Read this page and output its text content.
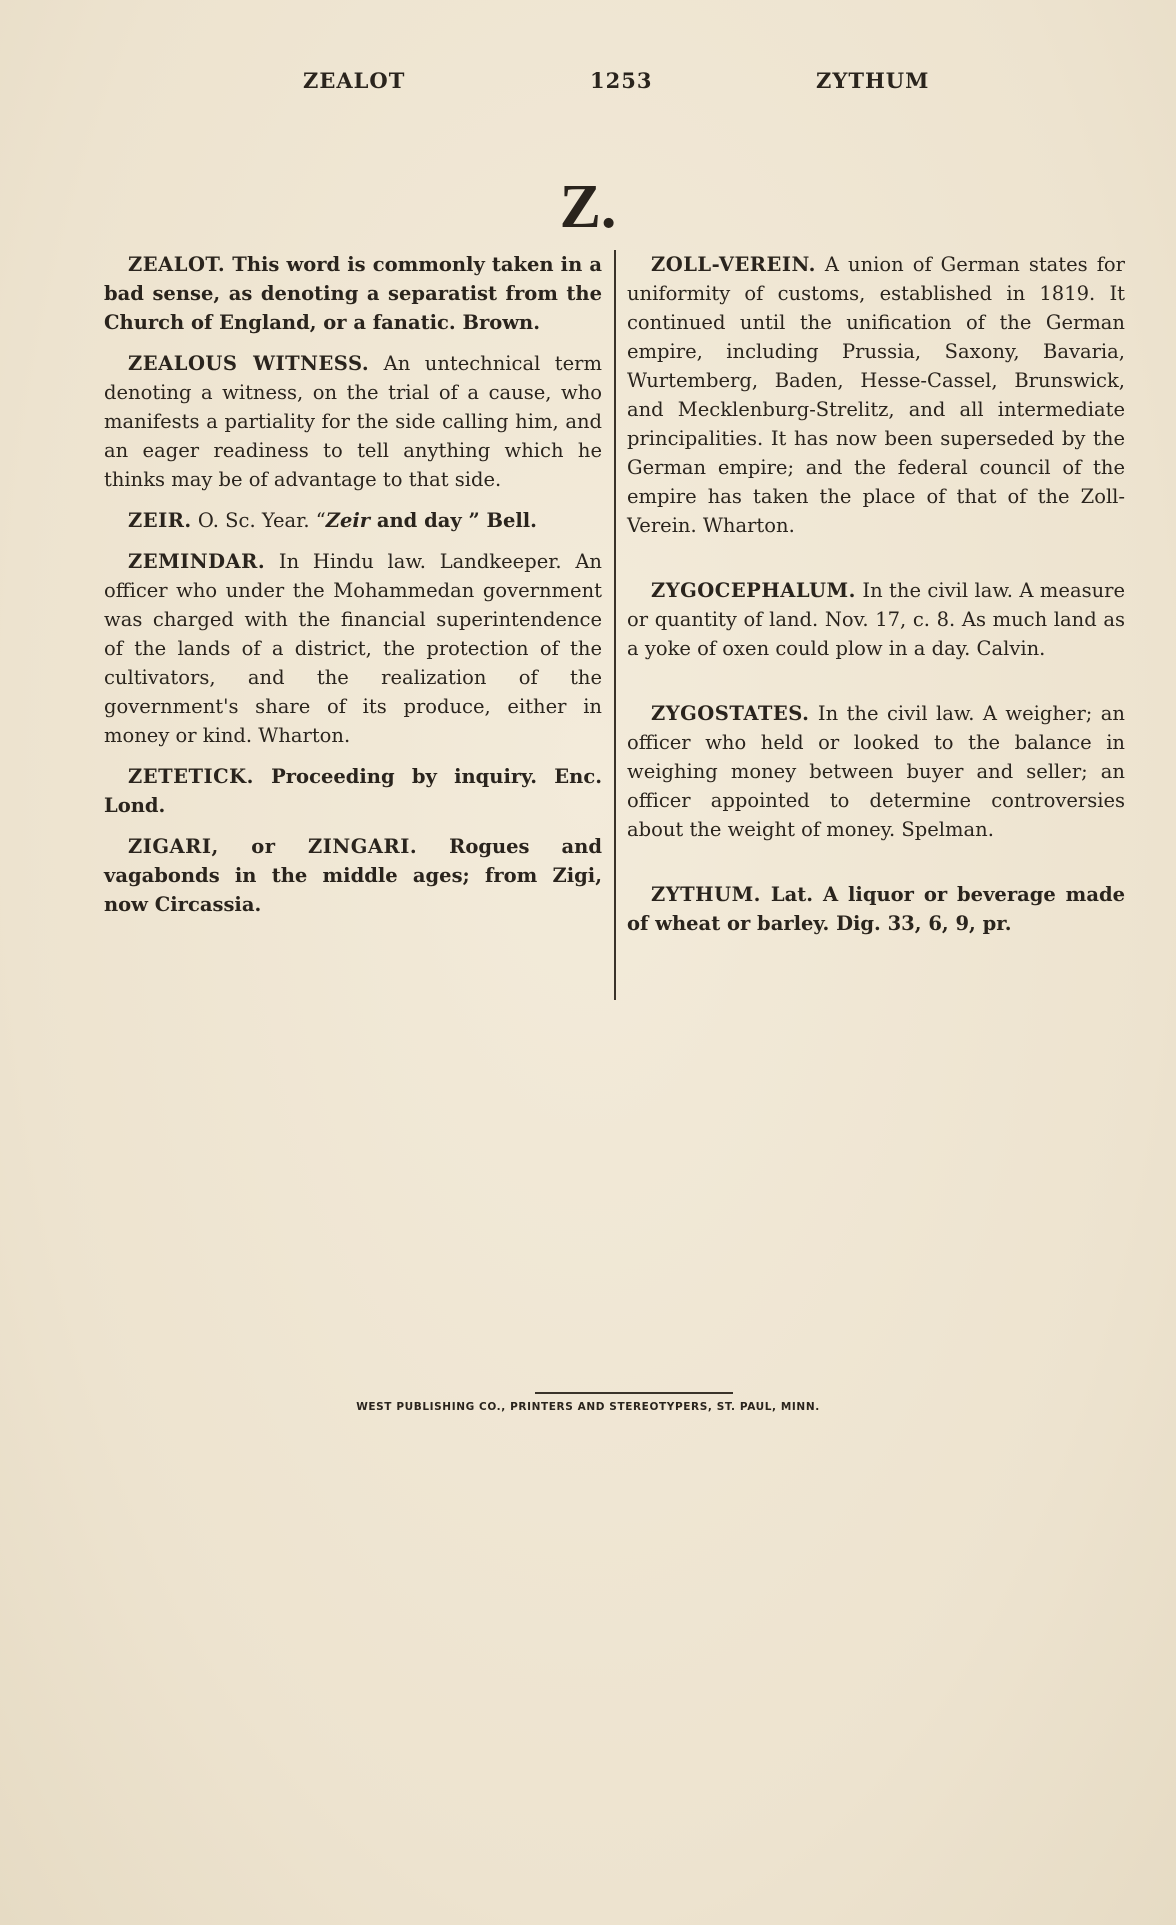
ZEALOT	1253	ZYTHUM
Z.

ZEALOT. This word is commonly taken in a bad sense, as denoting a separatist from the Church of England, or a fanatic. Brown.

ZEALOUS WITNESS. An untechnical term denoting a witness, on the trial of a cause, who manifests a partiality for the side calling him, and an eager readiness to tell anything which he thinks may be of advantage to that side.

ZEIR. O. Sc. Year. “Zeir and day ” Bell.

ZEMINDAR. In Hindu law. Landkeeper. An officer who under the Mohammedan government was charged with the financial superintendence of the lands of a district, the protection of the cultivators, and the realization of the government's share of its produce, either in money or kind. Wharton.

ZETETICK. Proceeding by inquiry. Enc. Lond.

ZIGARI, or ZINGARI. Rogues and vagabonds in the middle ages; from Zigi, now Circassia.

ZOLL-VEREIN. A union of German states for uniformity of customs, established in 1819. It continued until the unification of the German empire, including Prussia, Saxony, Bavaria, Wurtemberg, Baden, Hesse-Cassel, Brunswick, and Mecklenburg-Strelitz, and all intermediate principalities. It has now been superseded by the German empire; and the federal council of the empire has taken the place of that of the Zoll-Verein. Wharton.

ZYGOCEPHALUM. In the civil law. A measure or quantity of land. Nov. 17, c. 8. As much land as a yoke of oxen could plow in a day. Calvin.

ZYGOSTATES. In the civil law. A weigher; an officer who held or looked to the balance in weighing money between buyer and seller; an officer appointed to determine controversies about the weight of money. Spelman.

ZYTHUM. Lat. A liquor or beverage made of wheat or barley. Dig. 33, 6, 9, pr.

WEST PUBLISHING CO., PRINTERS AND STEREOTYPERS, ST. PAUL, MINN.
